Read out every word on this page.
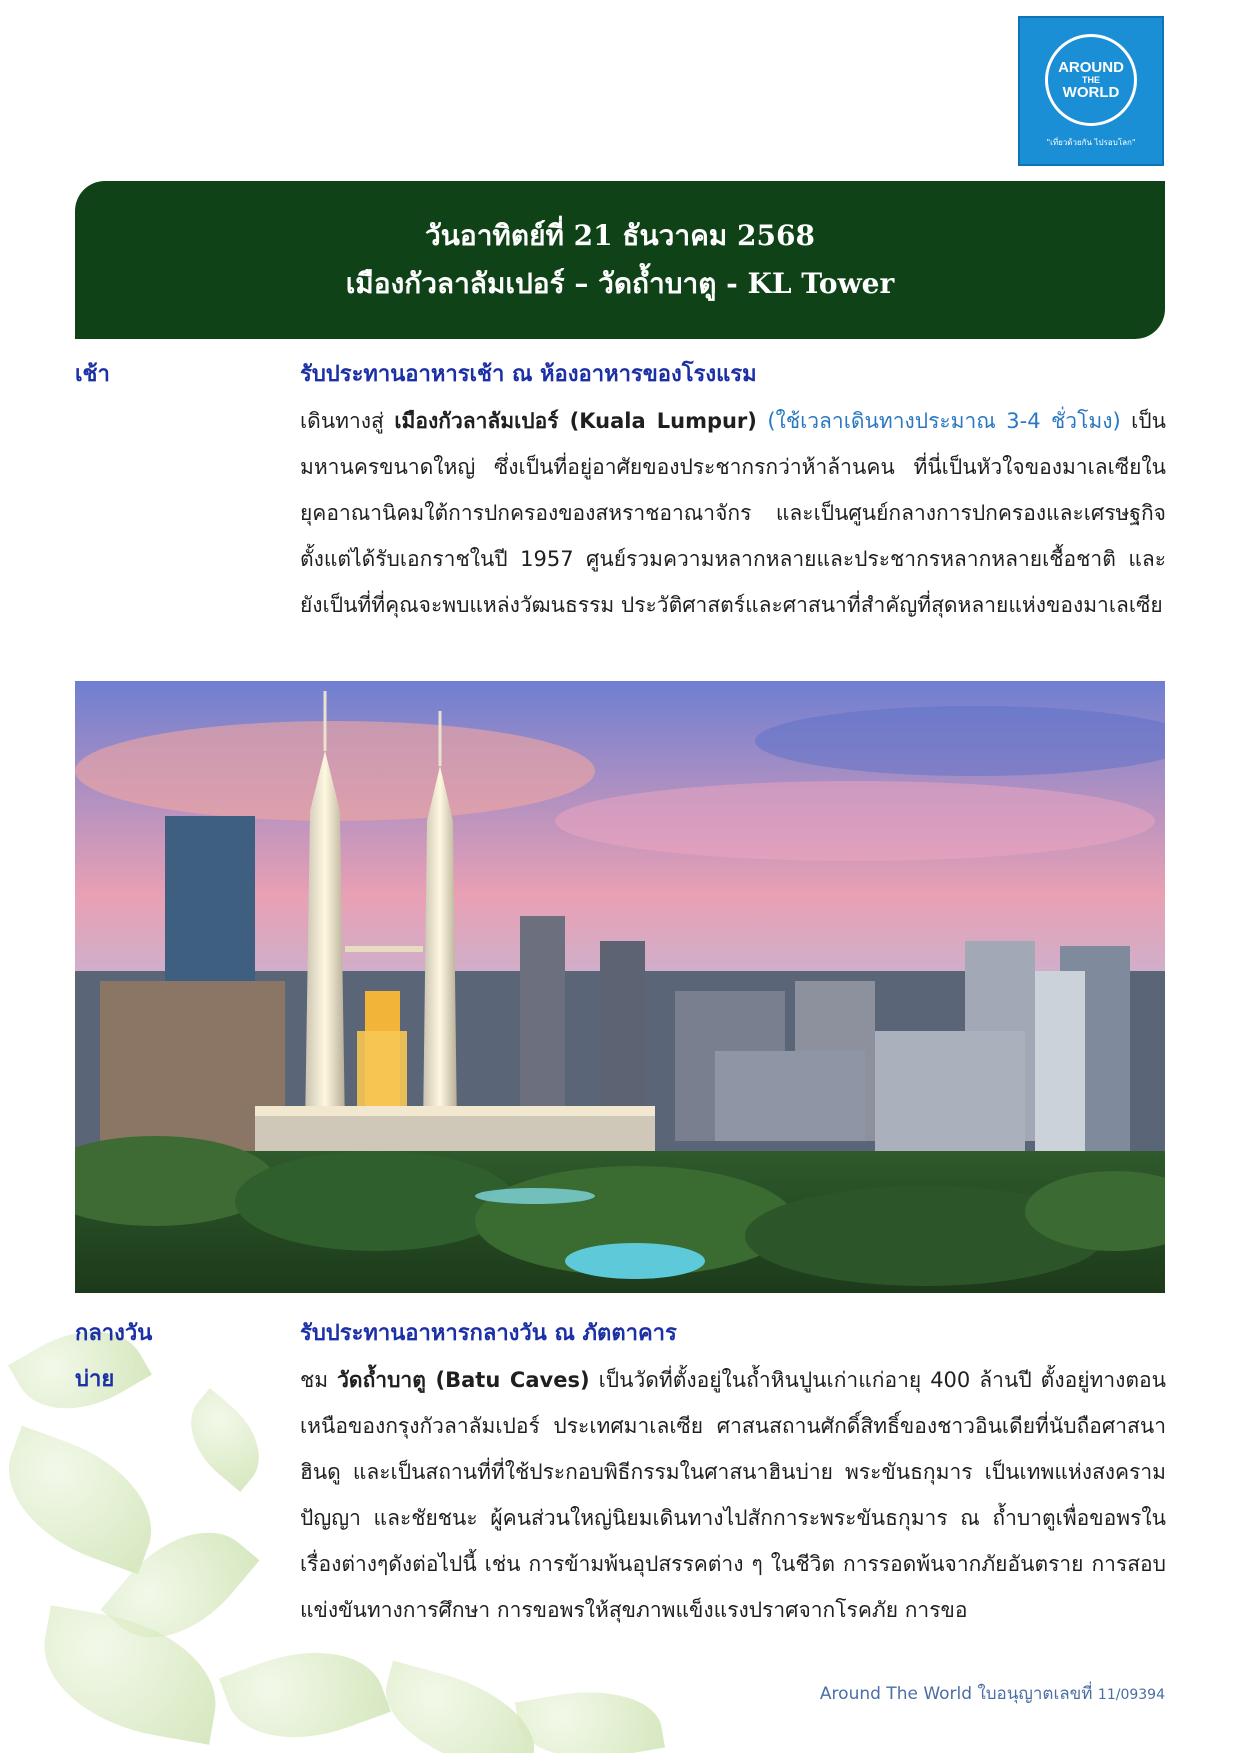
AROUND
THE
WORLD
"เที่ยวด้วยกัน ไปรอบโลก"
วันอาทิตย์ที่ 21 ธันวาคม 2568
เมืองกัวลาลัมเปอร์ – วัดถ้ำบาตู - KL Tower
เช้า	รับประทานอาหารเช้า ณ ห้องอาหารของโรงแรม
เดินทางสู่ เมืองกัวลาลัมเปอร์ (Kuala Lumpur) (ใช้เวลาเดินทางประมาณ 3-4 ชั่วโมง) เป็นมหานครขนาดใหญ่ ซึ่งเป็นที่อยู่อาศัยของประชากรกว่าห้าล้านคน ที่นี่เป็นหัวใจของมาเลเซียในยุคอาณานิคมใต้การปกครองของสหราชอาณาจักร และเป็นศูนย์กลางการปกครองและเศรษฐกิจตั้งแต่ได้รับเอกราชในปี 1957 ศูนย์รวมความหลากหลายและประชากรหลากหลายเชื้อชาติ และยังเป็นที่ที่คุณจะพบแหล่งวัฒนธรรม ประวัติศาสตร์และศาสนาที่สำคัญที่สุดหลายแห่งของมาเลเซีย
กลางวัน	รับประทานอาหารกลางวัน ณ ภัตตาคาร
บ่าย	ชม วัดถ้ำบาตู (Batu Caves) เป็นวัดที่ตั้งอยู่ในถ้ำหินปูนเก่าแก่อายุ 400 ล้านปี ตั้งอยู่ทางตอนเหนือของกรุงกัวลาลัมเปอร์ ประเทศมาเลเซีย ศาสนสถานศักดิ์สิทธิ์ของชาวอินเดียที่นับถือศาสนาฮินดู และเป็นสถานที่ที่ใช้ประกอบพิธีกรรมในศาสนาฮินบ่าย พระขันธกุมาร เป็นเทพแห่งสงคราม ปัญญา และชัยชนะ ผู้คนส่วนใหญ่นิยมเดินทางไปสักการะพระขันธกุมาร ณ ถ้ำบาตูเพื่อขอพรในเรื่องต่างๆดังต่อไปนี้ เช่น การข้ามพ้นอุปสรรคต่าง ๆ ในชีวิต การรอดพ้นจากภัยอันตราย การสอบแข่งขันทางการศึกษา การขอพรให้สุขภาพแข็งแรงปราศจากโรคภัย การขอ
Around The World ใบอนุญาตเลขที่ 11/09394
